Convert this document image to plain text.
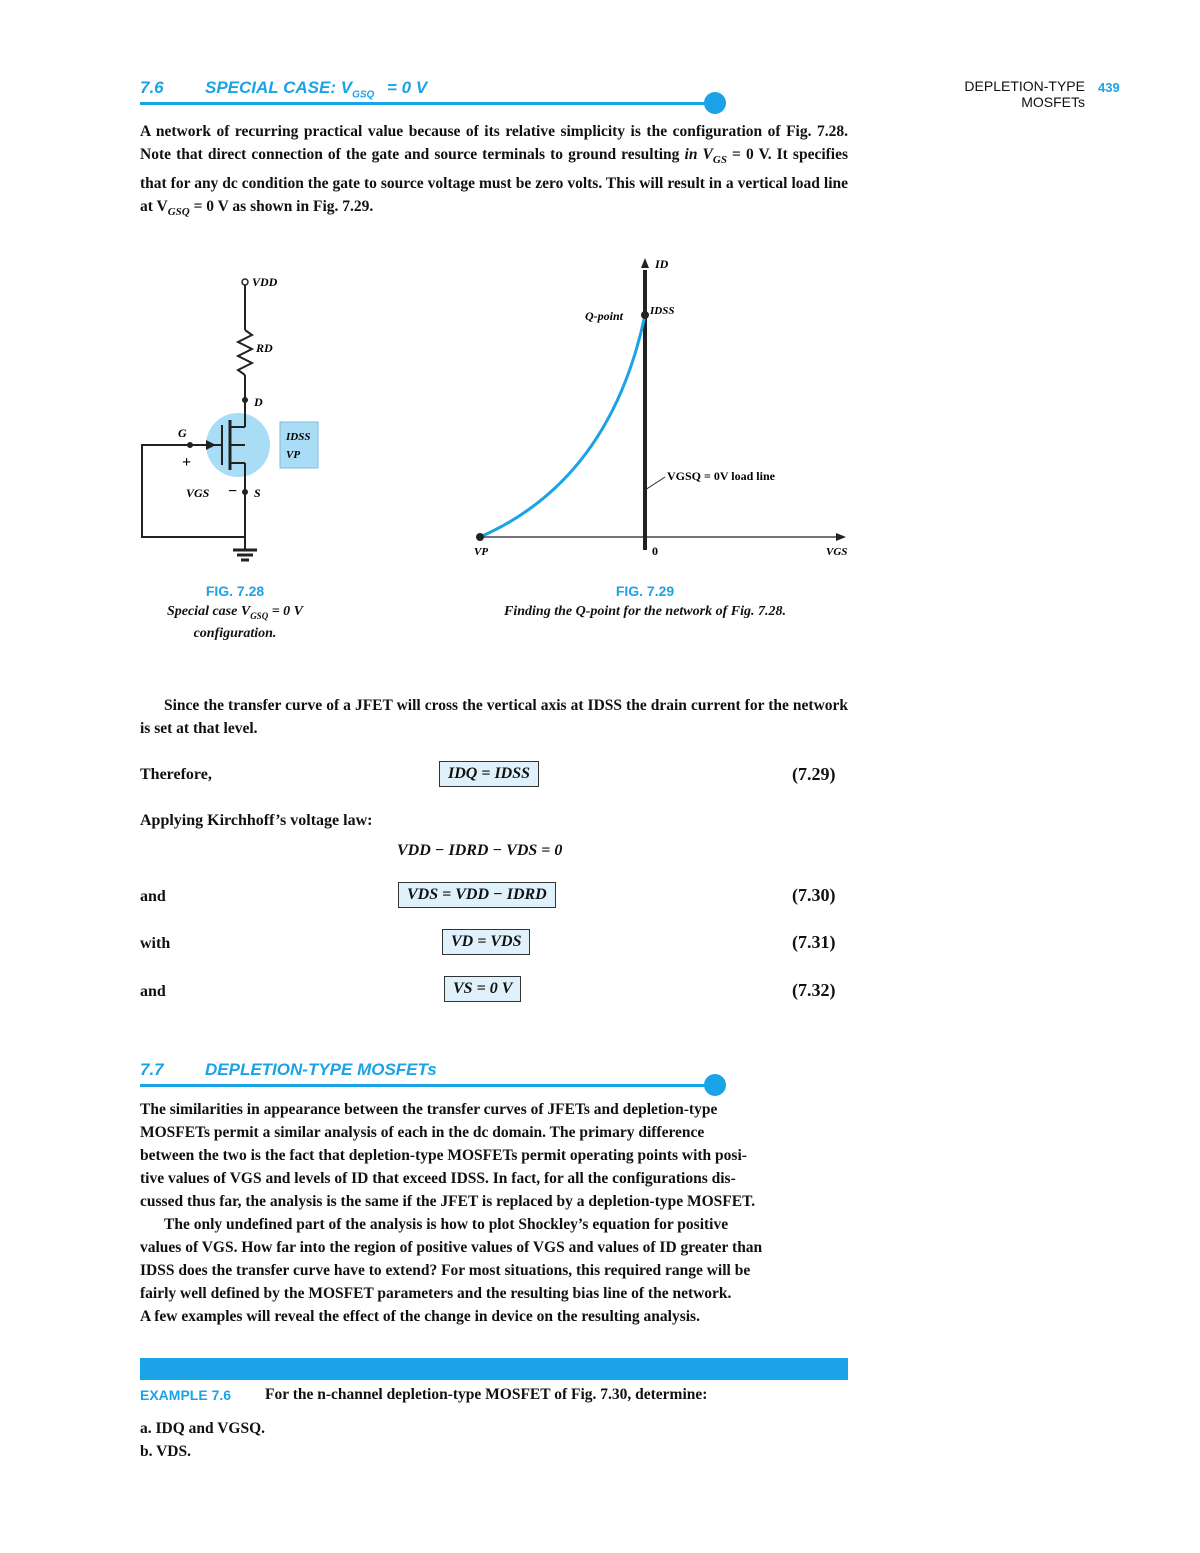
7.6 SPECIAL CASE: $V_{GSQ} = 0$ V	DEPLETION-TYPE
MOSFETs
439
A network of recurring practical value because of its relative simplicity is the configuration of Fig. 7.28. Note that direct connection of the gate and source terminals to ground resulting in $V_{GS} = 0$ V. It specifies that for any dc condition the gate to source voltage must be zero volts. This will result in a vertical load line at $V_{GSQ} = 0$ V as shown in Fig. 7.29.
VDD
RD
D
G
+
VGS − S
IDSS
VP
FIG. 7.28
Special case $V_{GSQ} = 0$ V
configuration.
ID
Q-point IDSS
VGSQ = 0V load line
VP	0	VGS
FIG. 7.29
Finding the Q-point for the network of Fig. 7.28.
Since the transfer curve of a JFET will cross the vertical axis at IDSS the drain current for the network is set at that level.
Therefore,	IDQ = IDSS	(7.29)
Applying Kirchhoff’s voltage law:
VDD − IDRD − VDS = 0
and	VDS = VDD − IDRD	(7.30)
with	VD = VDS	(7.31)
and	VS = 0 V	(7.32)
7.7 DEPLETION-TYPE MOSFETs
The similarities in appearance between the transfer curves of JFETs and depletion-type
MOSFETs permit a similar analysis of each in the dc domain. The primary difference
between the two is the fact that depletion-type MOSFETs permit operating points with posi-
tive values of VGS and levels of ID that exceed IDSS. In fact, for all the configurations dis-
cussed thus far, the analysis is the same if the JFET is replaced by a depletion-type MOSFET.
The only undefined part of the analysis is how to plot Shockley’s equation for positive
values of VGS. How far into the region of positive values of VGS and values of ID greater than
IDSS does the transfer curve have to extend? For most situations, this required range will be
fairly well defined by the MOSFET parameters and the resulting bias line of the network.
A few examples will reveal the effect of the change in device on the resulting analysis.
EXAMPLE 7.6 For the n-channel depletion-type MOSFET of Fig. 7.30, determine:
a. IDQ and VGSQ.
b. VDS.
